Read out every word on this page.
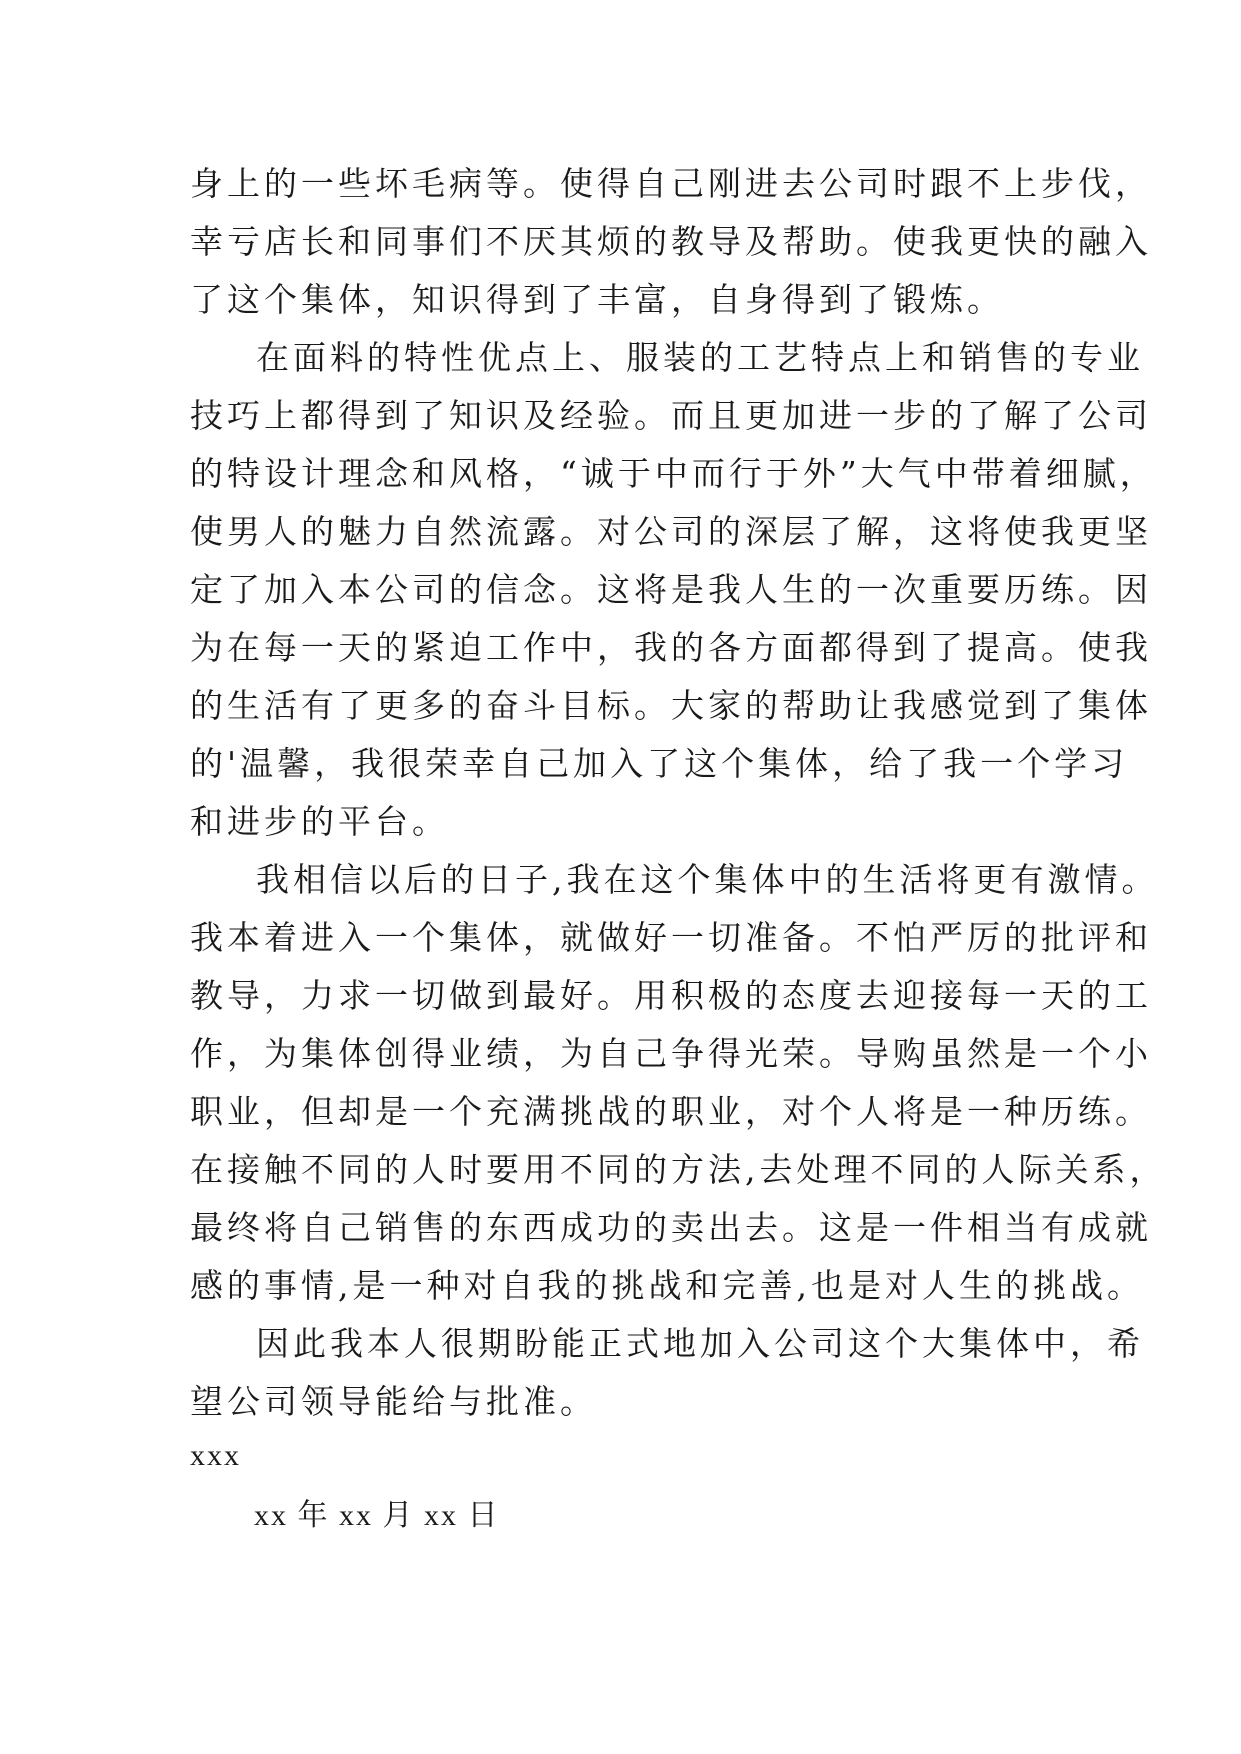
身上的一些坏毛病等。使得自己刚进去公司时跟不上步伐，
幸亏店长和同事们不厌其烦的教导及帮助。使我更快的融入
了这个集体，知识得到了丰富，自身得到了锻炼。
在面料的特性优点上、服装的工艺特点上和销售的专业
技巧上都得到了知识及经验。而且更加进一步的了解了公司
的特设计理念和风格，“诚于中而行于外”大气中带着细腻，
使男人的魅力自然流露。对公司的深层了解，这将使我更坚
定了加入本公司的信念。这将是我人生的一次重要历练。因
为在每一天的紧迫工作中，我的各方面都得到了提高。使我
的生活有了更多的奋斗目标。大家的帮助让我感觉到了集体
的'温馨，我很荣幸自己加入了这个集体，给了我一个学习
和进步的平台。
我相信以后的日子,我在这个集体中的生活将更有激情。
我本着进入一个集体，就做好一切准备。不怕严厉的批评和
教导，力求一切做到最好。用积极的态度去迎接每一天的工
作，为集体创得业绩，为自己争得光荣。导购虽然是一个小
职业，但却是一个充满挑战的职业，对个人将是一种历练。
在接触不同的人时要用不同的方法,去处理不同的人际关系，
最终将自己销售的东西成功的卖出去。这是一件相当有成就
感的事情,是一种对自我的挑战和完善,也是对人生的挑战。
因此我本人很期盼能正式地加入公司这个大集体中，希
望公司领导能给与批准。
xxx
xx 年 xx 月 xx 日
